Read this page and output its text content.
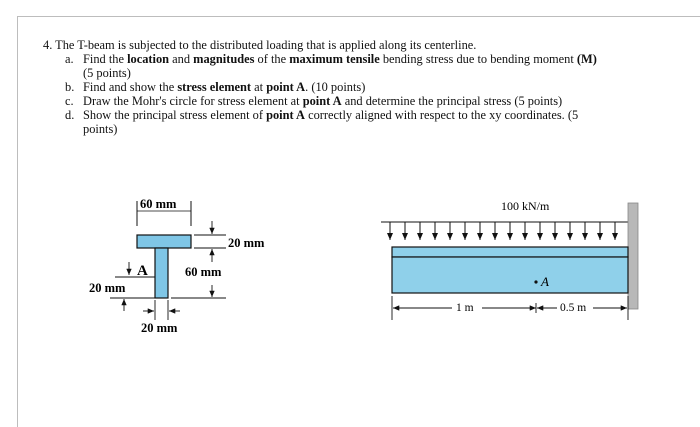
4. The T-beam is subjected to the distributed loading that is applied along its centerline.

a. Find the location and magnitudes of the maximum tensile bending stress due to bending moment (M)
(5 points)
b. Find and show the stress element at point A. (10 points)
c. Draw the Mohr's circle for stress element at point A and determine the principal stress (5 points)
d. Show the principal stress element of point A correctly aligned with respect to the xy coordinates. (5
points)
60 mm
20 mm
60 mm
A
20 mm
20 mm
100 kN/m
A
1 m	0.5 m
